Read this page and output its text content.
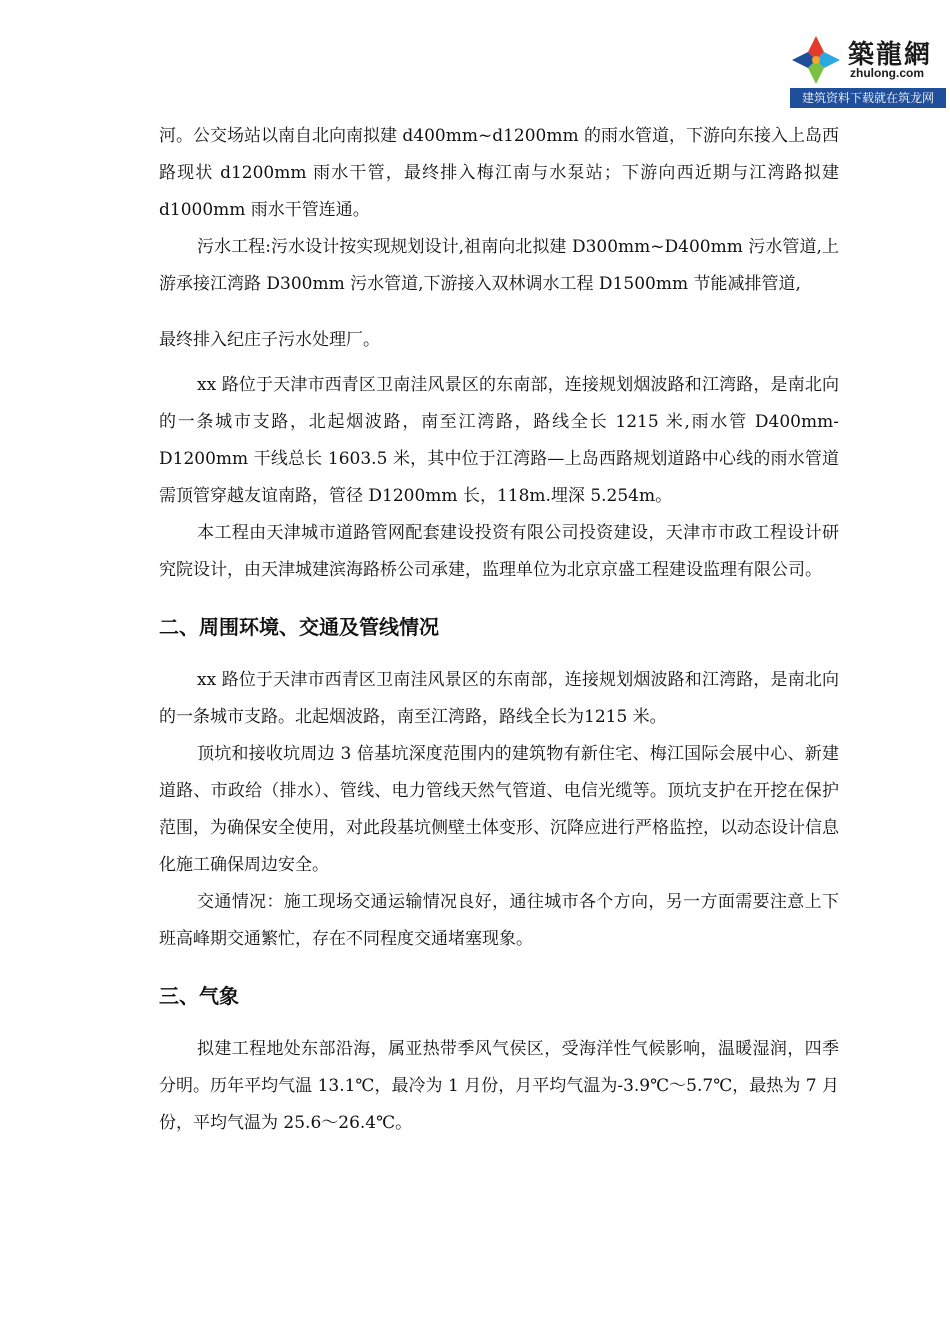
築龍網
zhulong.com
建筑资料下载就在筑龙网

河。公交场站以南自北向南拟建 d400mm~d1200mm 的雨水管道，下游向东接入上岛西路现状 d1200mm 雨水干管，最终排入梅江南与水泵站；下游向西近期与江湾路拟建 d1000mm 雨水干管连通。

污水工程:污水设计按实现规划设计,祖南向北拟建 D300mm~D400mm 污水管道,上游承接江湾路 D300mm 污水管道,下游接入双林调水工程 D1500mm 节能减排管道,

最终排入纪庄子污水处理厂。

xx 路位于天津市西青区卫南洼风景区的东南部，连接规划烟波路和江湾路，是南北向的一条城市支路，北起烟波路，南至江湾路，路线全长 1215 米,雨水管 D400mm-D1200mm 干线总长 1603.5 米，其中位于江湾路—上岛西路规划道路中心线的雨水管道需顶管穿越友谊南路，管径 D1200mm 长，118m.埋深 5.254m。

本工程由天津城市道路管网配套建设投资有限公司投资建设，天津市市政工程设计研究院设计，由天津城建滨海路桥公司承建，监理单位为北京京盛工程建设监理有限公司。

二、周围环境、交通及管线情况

xx 路位于天津市西青区卫南洼风景区的东南部，连接规划烟波路和江湾路，是南北向的一条城市支路。北起烟波路，南至江湾路，路线全长为1215 米。

顶坑和接收坑周边 3 倍基坑深度范围内的建筑物有新住宅、梅江国际会展中心、新建道路、市政给（排水）、管线、电力管线天然气管道、电信光缆等。顶坑支护在开挖在保护范围，为确保安全使用，对此段基坑侧壁土体变形、沉降应进行严格监控，以动态设计信息化施工确保周边安全。

交通情况：施工现场交通运输情况良好，通往城市各个方向，另一方面需要注意上下班高峰期交通繁忙，存在不同程度交通堵塞现象。

三、气象

拟建工程地处东部沿海，属亚热带季风气侯区，受海洋性气候影响，温暖湿润，四季分明。历年平均气温 13.1℃，最冷为 1 月份，月平均气温为-3.9℃～5.7℃，最热为 7 月份，平均气温为 25.6～26.4℃。
